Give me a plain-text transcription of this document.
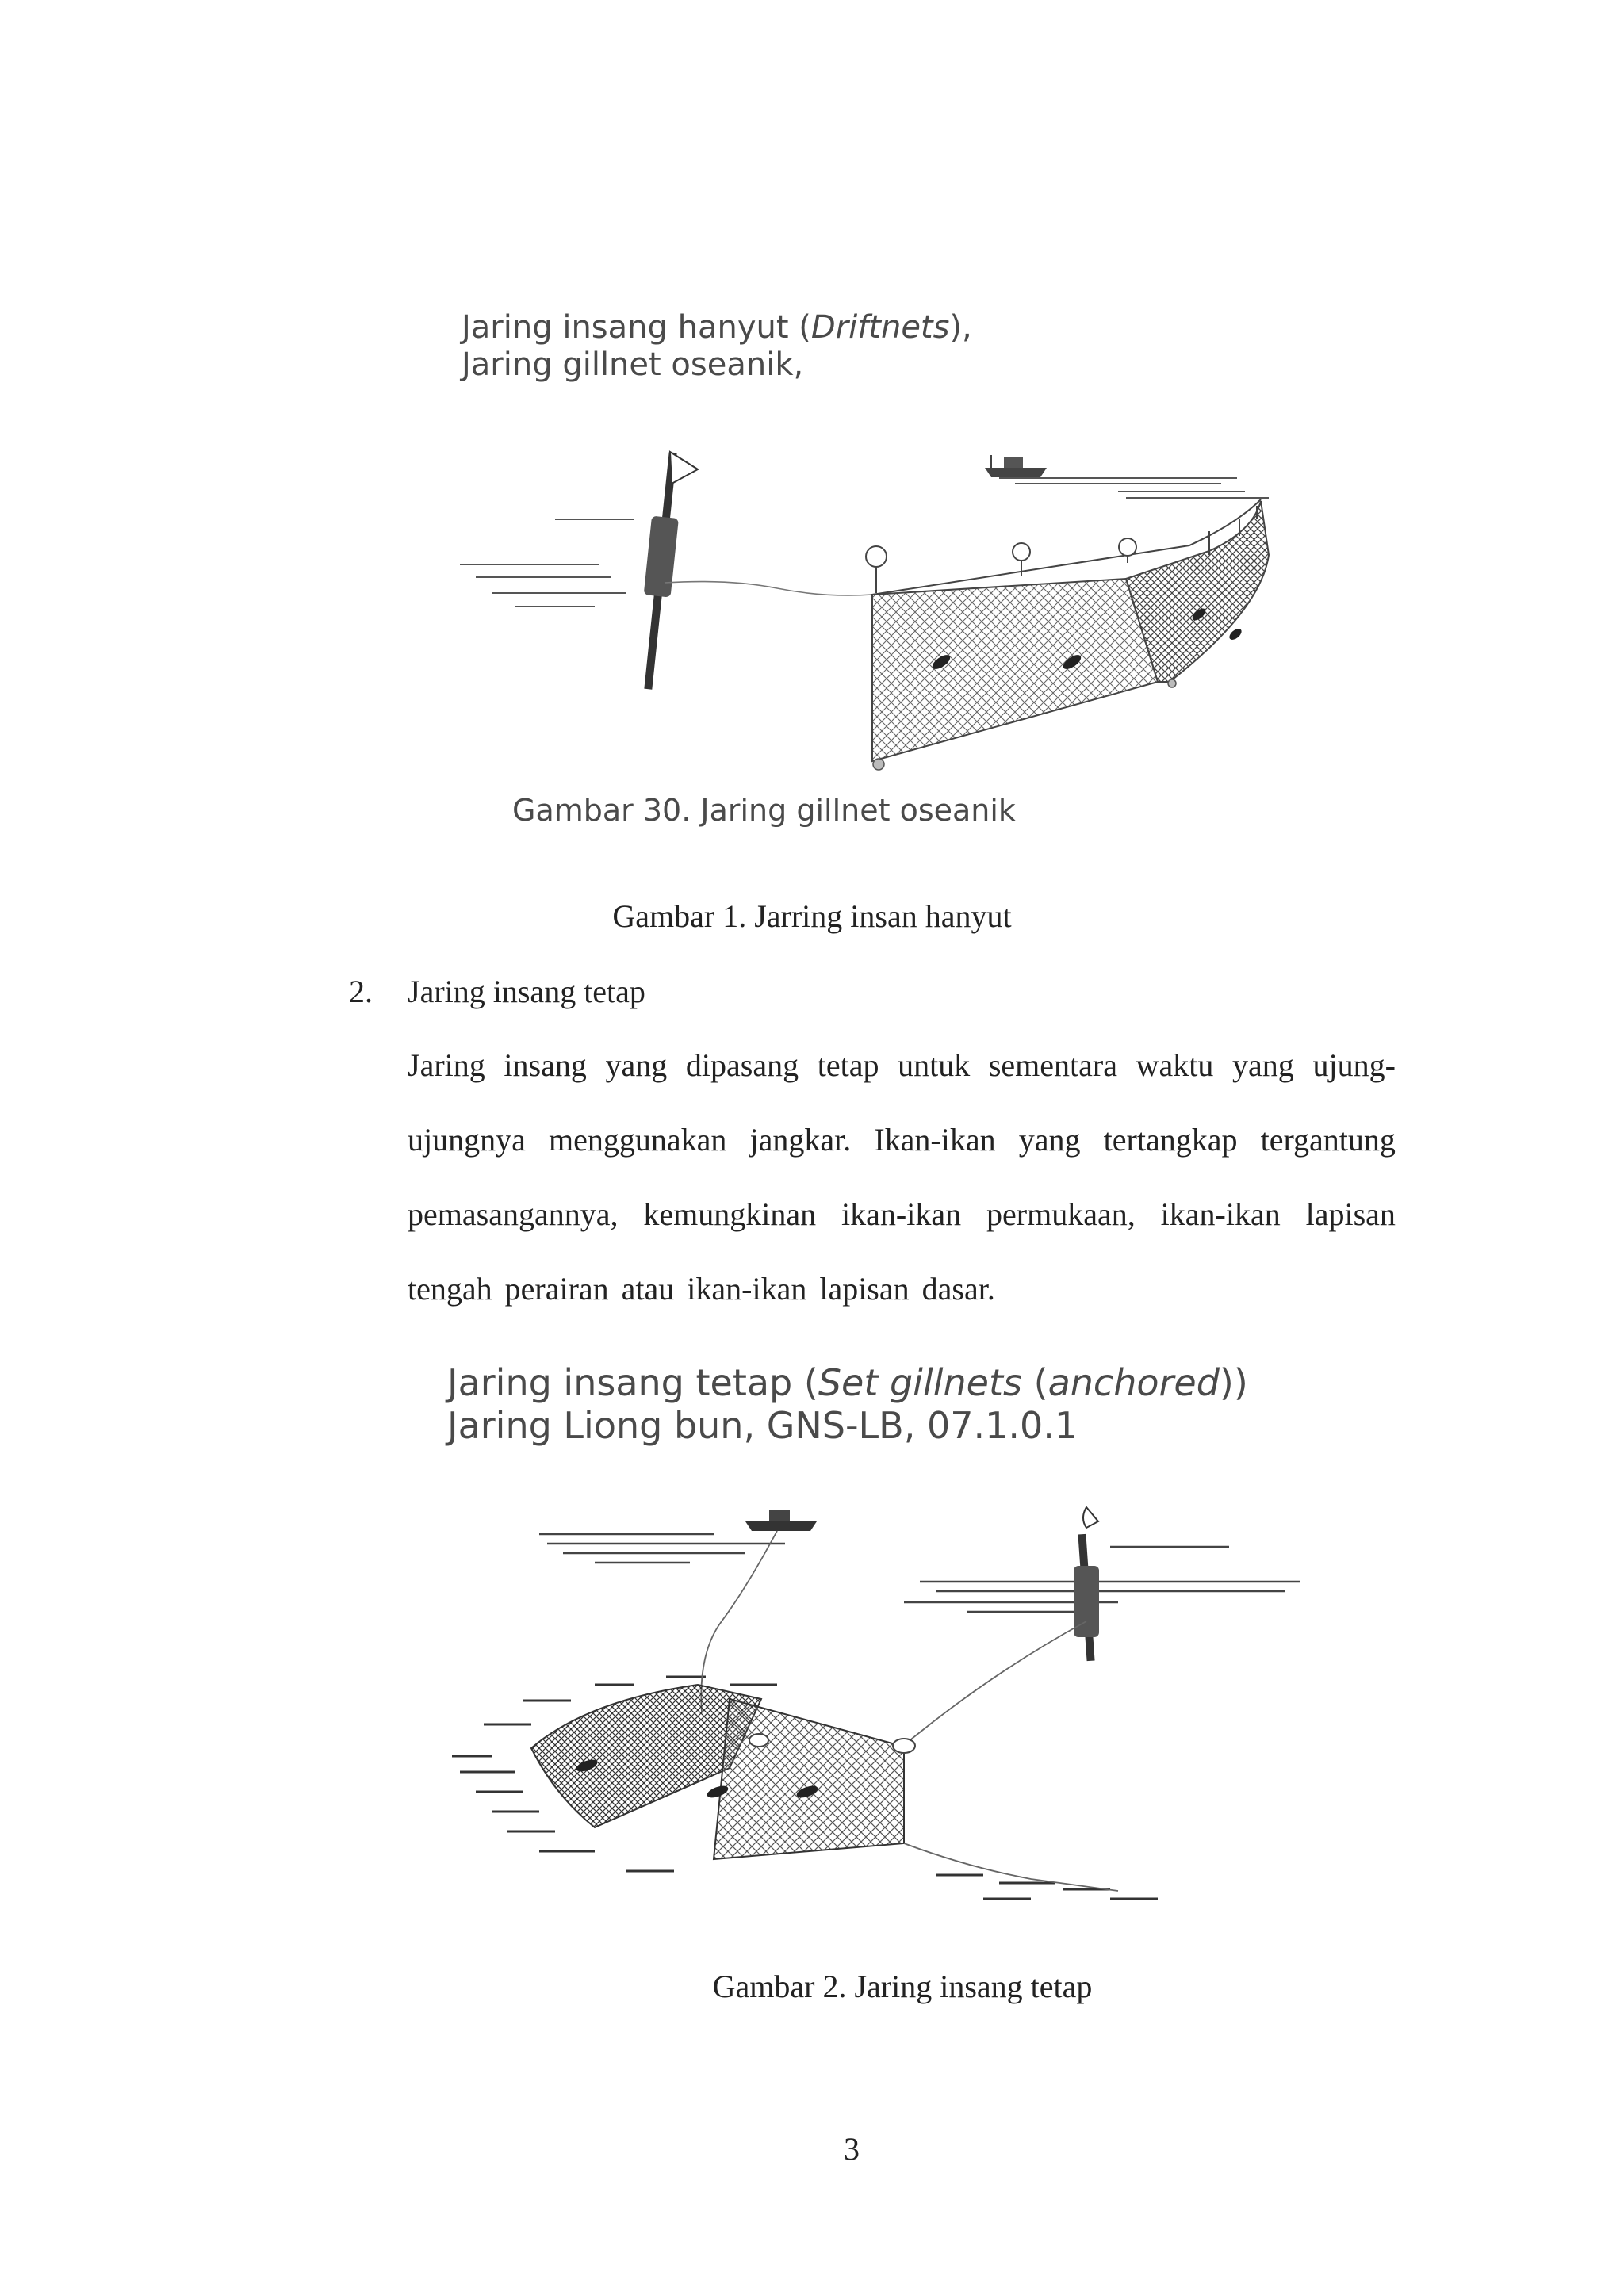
Jaring insang hanyut (Driftnets),
Jaring gillnet oseanik,
Gambar 30. Jaring gillnet oseanik
Gambar 1. Jarring insan hanyut
2. Jaring insang tetap
Jaring insang yang dipasang tetap untuk sementara waktu yang ujung-
ujungnya menggunakan jangkar. Ikan-ikan yang tertangkap tergantung
pemasangannya, kemungkinan ikan-ikan permukaan, ikan-ikan lapisan
tengah perairan atau ikan-ikan lapisan dasar.
Jaring insang tetap (Set gillnets (anchored))
Jaring Liong bun, GNS-LB, 07.1.0.1
Gambar 2. Jaring insang tetap
3
